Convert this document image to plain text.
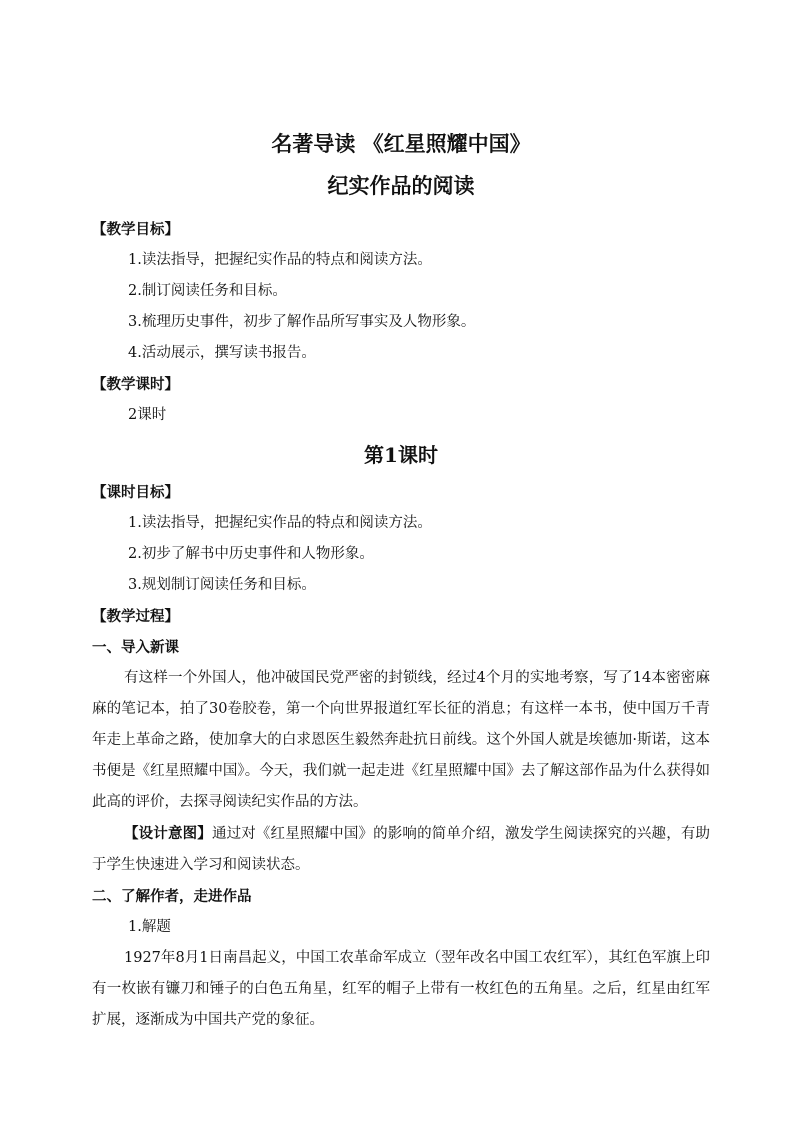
名著导读 《红星照耀中国》

纪实作品的阅读

【教学目标】

1.读法指导，把握纪实作品的特点和阅读方法。

2.制订阅读任务和目标。

3.梳理历史事件，初步了解作品所写事实及人物形象。

4.活动展示，撰写读书报告。

【教学课时】

2课时

第1课时

【课时目标】

1.读法指导，把握纪实作品的特点和阅读方法。

2.初步了解书中历史事件和人物形象。

3.规划制订阅读任务和目标。

【教学过程】

一、导入新课

有这样一个外国人，他冲破国民党严密的封锁线，经过4个月的实地考察，写了14本密密麻麻的笔记本，拍了30卷胶卷，第一个向世界报道红军长征的消息；有这样一本书，使中国万千青年走上革命之路，使加拿大的白求恩医生毅然奔赴抗日前线。这个外国人就是埃德加·斯诺，这本书便是《红星照耀中国》。今天，我们就一起走进《红星照耀中国》去了解这部作品为什么获得如此高的评价，去探寻阅读纪实作品的方法。

【设计意图】通过对《红星照耀中国》的影响的简单介绍，激发学生阅读探究的兴趣，有助于学生快速进入学习和阅读状态。

二、了解作者，走进作品

1.解题

1927年8月1日南昌起义，中国工农革命军成立（翌年改名中国工农红军），其红色军旗上印有一枚嵌有镰刀和锤子的白色五角星，红军的帽子上带有一枚红色的五角星。之后，红星由红军扩展，逐渐成为中国共产党的象征。
